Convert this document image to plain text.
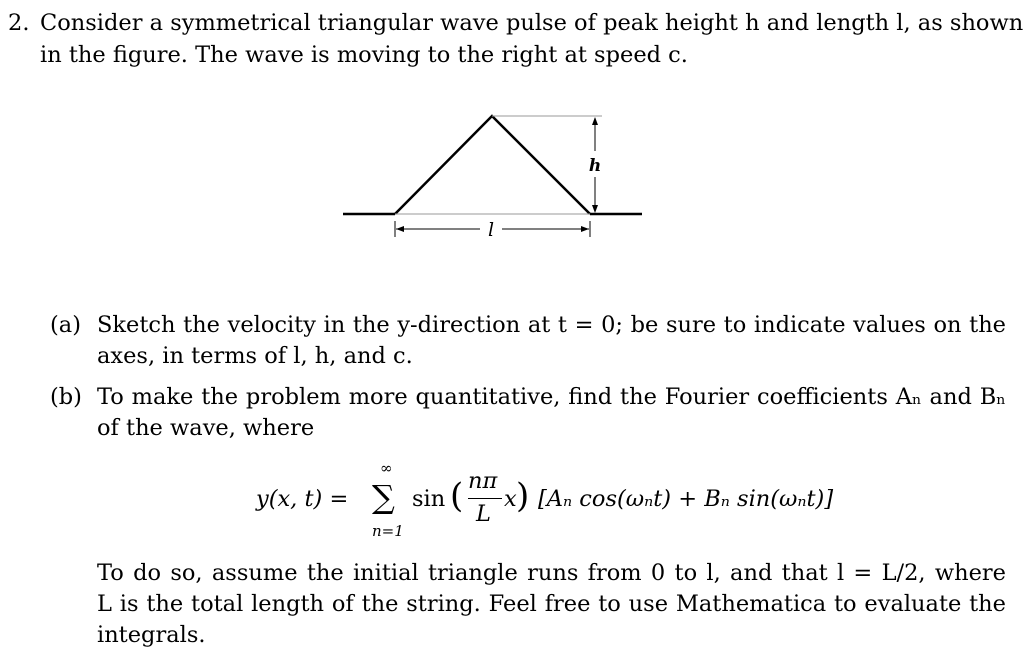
2. Consider a symmetrical triangular wave pulse of peak height h and length l, as shown
in the figure. The wave is moving to the right at speed c.
h
l
(a) Sketch the velocity in the y-direction at t = 0; be sure to indicate values on the
axes, in terms of l, h, and c.
(b) To make the problem more quantitative, find the Fourier coefficients Aₙ and Bₙ
of the wave, where
y(x, t) =
∞
∑
n=1
sin ( nπ
L
x ) [Aₙ cos(ωₙt) + Bₙ sin(ωₙt)]
To do so, assume the initial triangle runs from 0 to l, and that l = L/2, where
L is the total length of the string. Feel free to use Mathematica to evaluate the
integrals.
